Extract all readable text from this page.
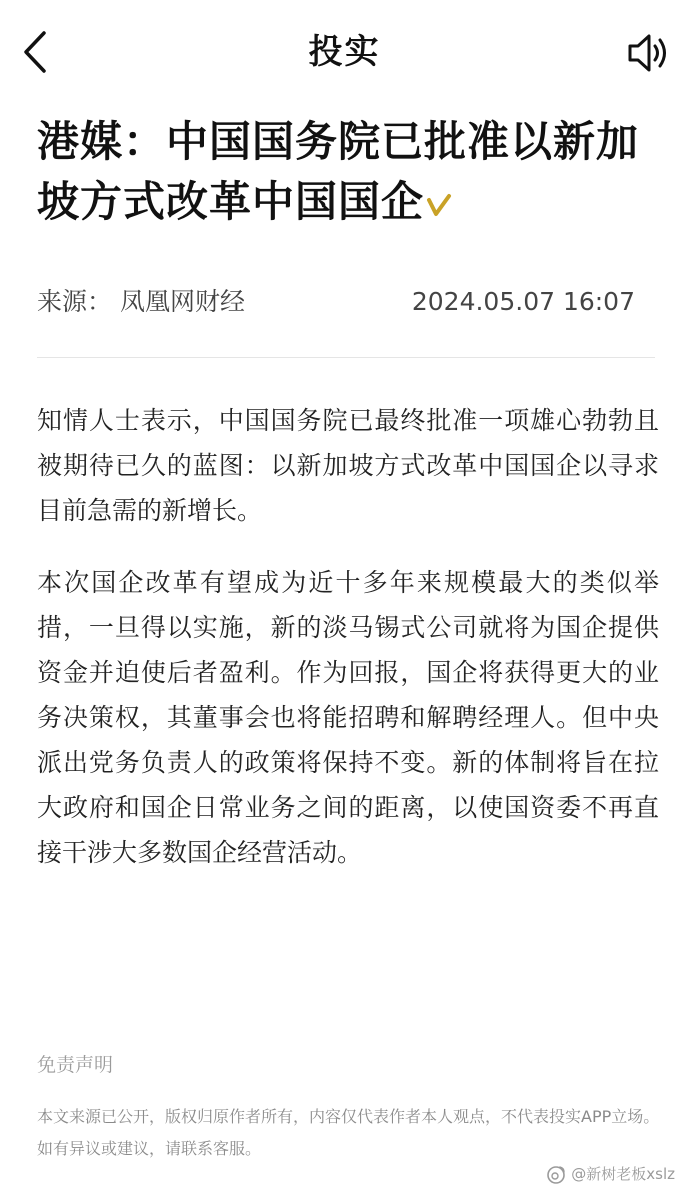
投实
港媒：中国国务院已批准以新加坡方式改革中国国企
来源： 凤凰网财经	2024.05.07 16:07

知情人士表示，中国国务院已最终批准一项雄心勃勃且被期待已久的蓝图：以新加坡方式改革中国国企以寻求目前急需的新增长。

本次国企改革有望成为近十多年来规模最大的类似举措，一旦得以实施，新的淡马锡式公司就将为国企提供资金并迫使后者盈利。作为回报，国企将获得更大的业务决策权，其董事会也将能招聘和解聘经理人。但中央派出党务负责人的政策将保持不变。新的体制将旨在拉大政府和国企日常业务之间的距离，以使国资委不再直接干涉大多数国企经营活动。

免责声明
本文来源已公开，版权归原作者所有，内容仅代表作者本人观点，不代表投实APP立场。如有异议或建议，请联系客服。
@新树老板xslz
